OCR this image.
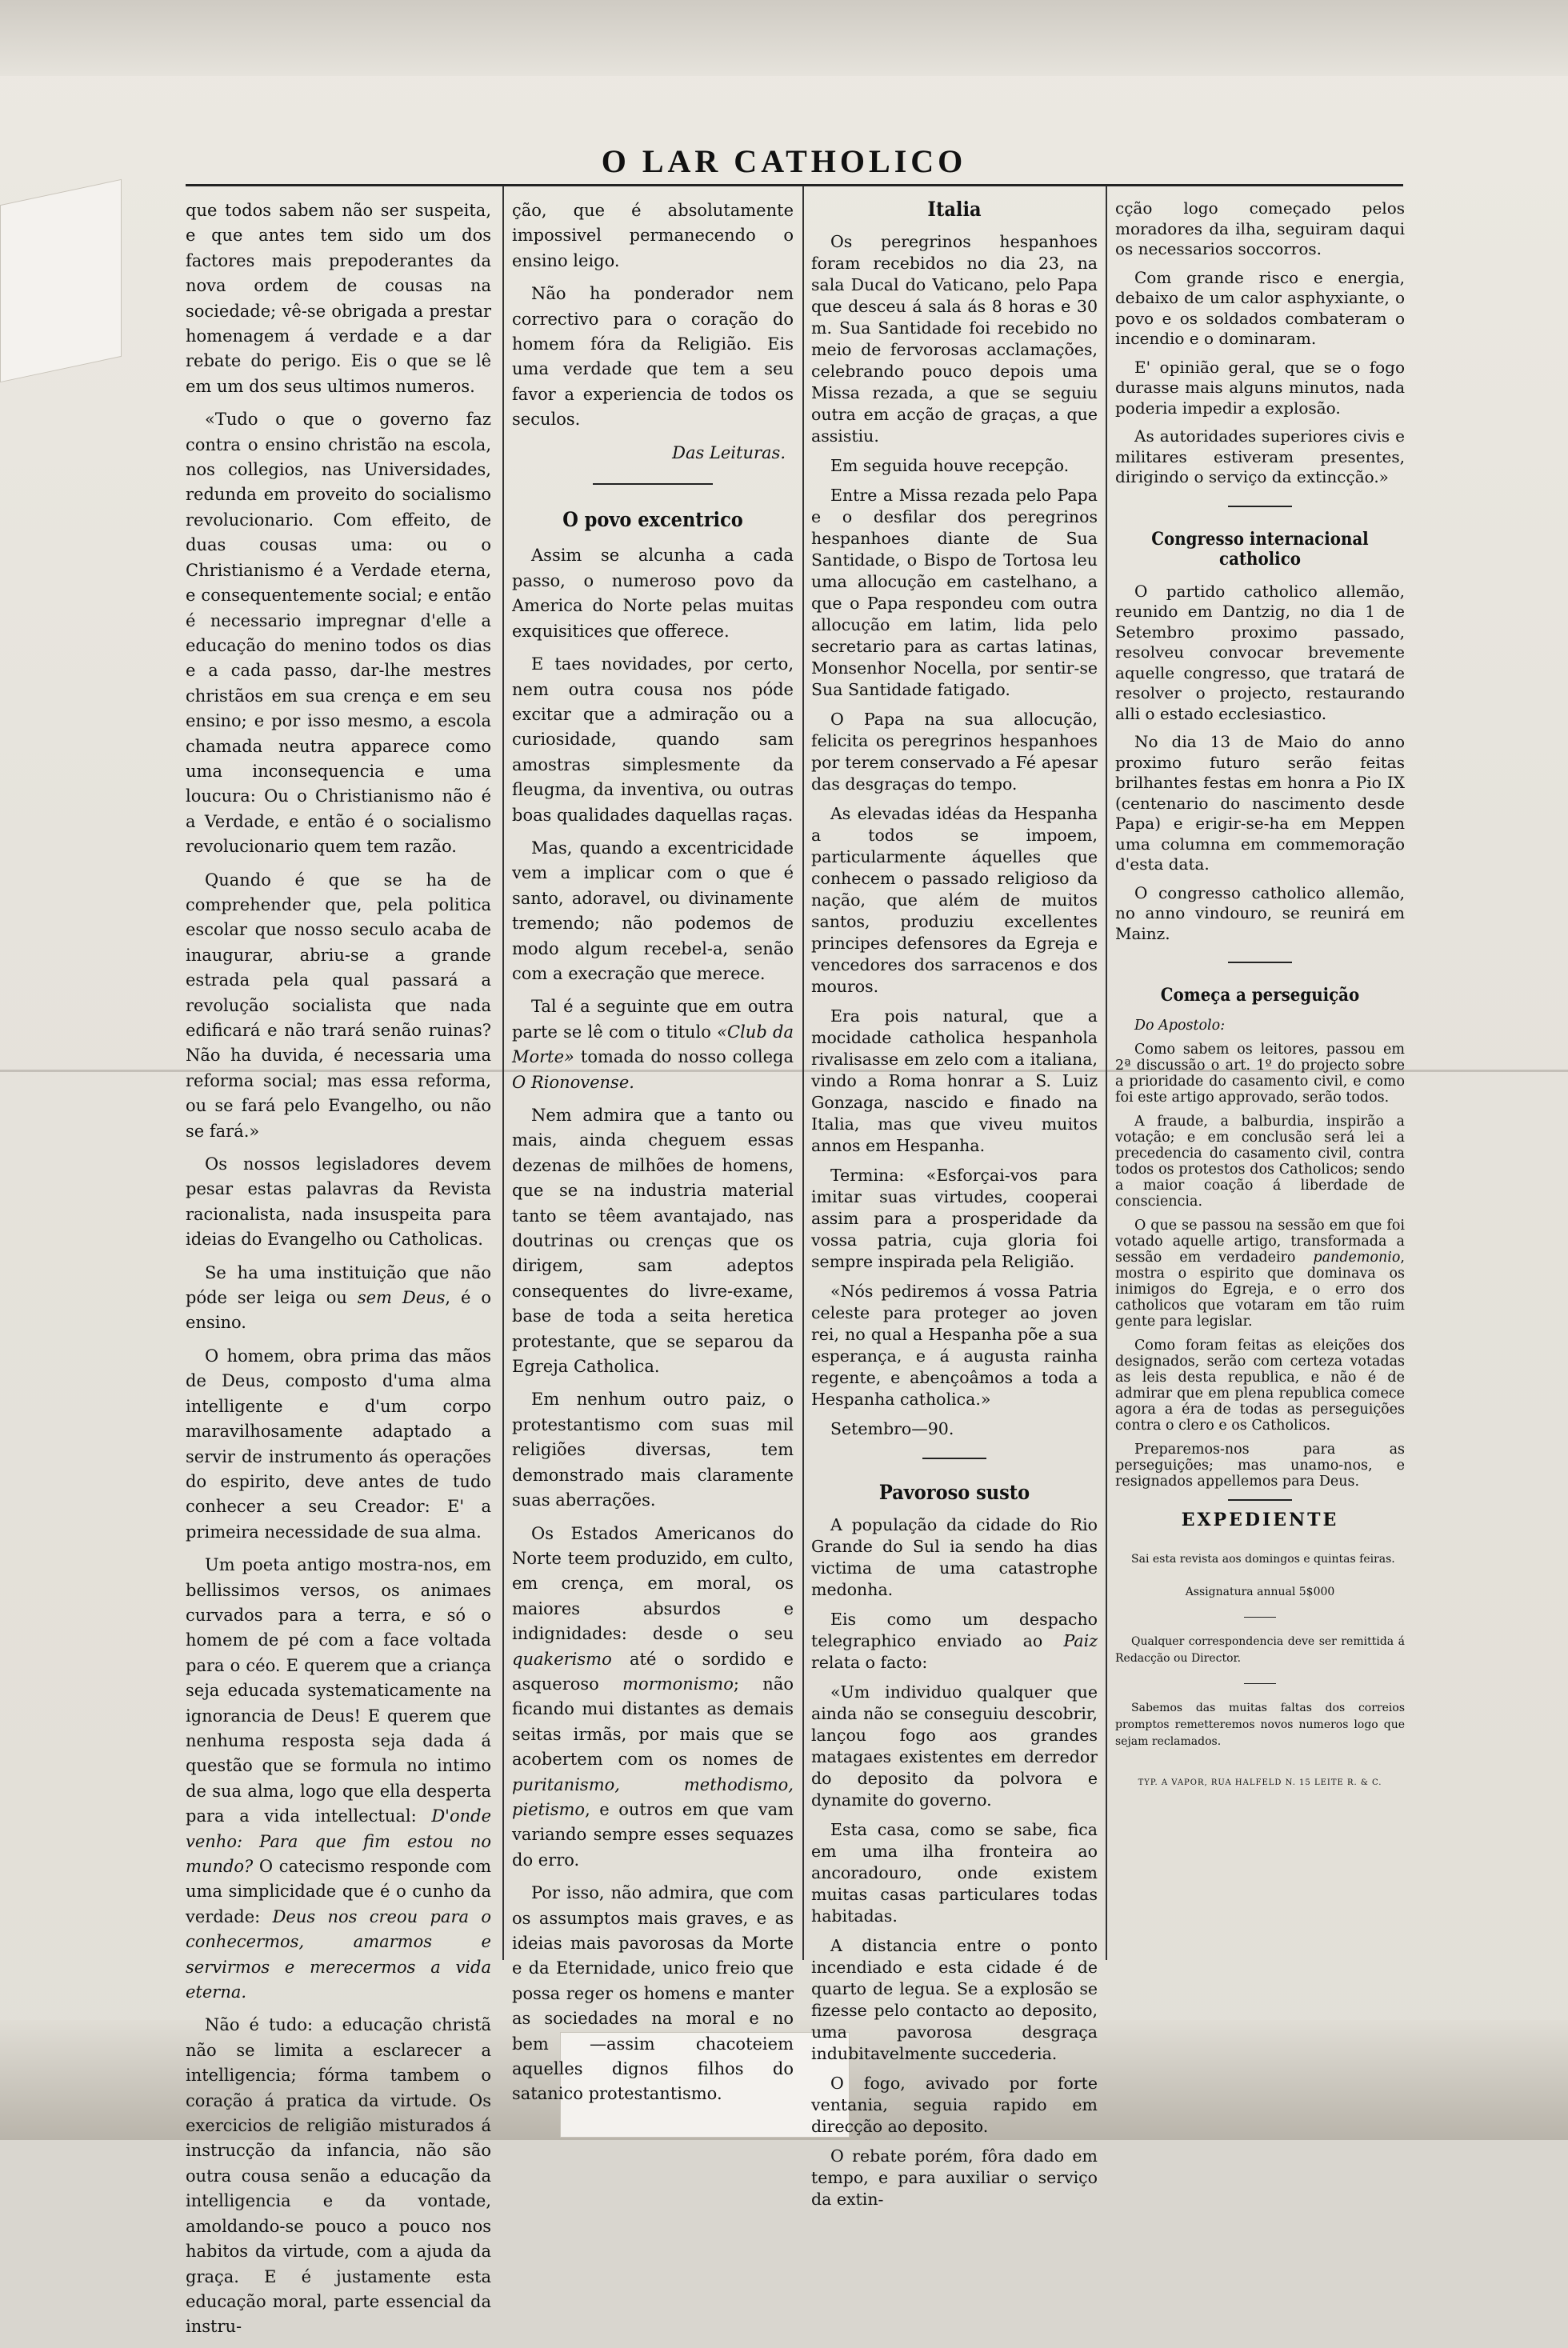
O LAR CATHOLICO

que todos sabem não ser suspeita, e que antes tem sido um dos factores mais prepoderantes da nova ordem de cousas na sociedade; vê-se obrigada a prestar homenagem á verdade e a dar rebate do perigo. Eis o que se lê em um dos seus ultimos numeros.

«Tudo o que o governo faz contra o ensino christão na escola, nos collegios, nas Universidades, redunda em proveito do socialismo revolucionario. Com effeito, de duas cousas uma: ou o Christianismo é a Verdade eterna, e consequentemente social; e então é necessario impregnar d'elle a educação do menino todos os dias e a cada passo, dar-lhe mestres christãos em sua crença e em seu ensino; e por isso mesmo, a escola chamada neutra apparece como uma inconsequencia e uma loucura: Ou o Christianismo não é a Verdade, e então é o socialismo revolucionario quem tem razão.

Quando é que se ha de comprehender que, pela politica escolar que nosso seculo acaba de inaugurar, abriu-se a grande estrada pela qual passará a revolução socialista que nada edificará e não trará senão ruinas? Não ha duvida, é necessaria uma reforma social; mas essa reforma, ou se fará pelo Evangelho, ou não se fará.»

Os nossos legisladores devem pesar estas palavras da Revista racionalista, nada insuspeita para ideias do Evangelho ou Catholicas.

Se ha uma instituição que não póde ser leiga ou sem Deus, é o ensino.

O homem, obra prima das mãos de Deus, composto d'uma alma intelligente e d'um corpo maravilhosamente adaptado a servir de instrumento ás operações do espirito, deve antes de tudo conhecer a seu Creador: E' a primeira necessidade de sua alma.

Um poeta antigo mostra-nos, em bellissimos versos, os animaes curvados para a terra, e só o homem de pé com a face voltada para o céo. E querem que a criança seja educada systematicamente na ignorancia de Deus! E querem que nenhuma resposta seja dada á questão que se formula no intimo de sua alma, logo que ella desperta para a vida intellectual: D'onde venho: Para que fim estou no mundo? O catecismo responde com uma simplicidade que é o cunho da verdade: Deus nos creou para o conhecermos, amarmos e servirmos e merecermos a vida eterna.

Não é tudo: a educação christã não se limita a esclarecer a intelligencia; fórma tambem o coração á pratica da virtude. Os exercicios de religião misturados á instrucção da infancia, não são outra cousa senão a educação da intelligencia e da vontade, amoldando-se pouco a pouco nos habitos da virtude, com a ajuda da graça. E é justamente esta educação moral, parte essencial da instru-

ção, que é absolutamente impossivel permanecendo o ensino leigo.

Não ha ponderador nem correctivo para o coração do homem fóra da Religião. Eis uma verdade que tem a seu favor a experiencia de todos os seculos.

Das Leituras.

O povo excentrico

Assim se alcunha a cada passo, o numeroso povo da America do Norte pelas muitas exquisitices que offerece.

E taes novidades, por certo, nem outra cousa nos póde excitar que a admiração ou a curiosidade, quando sam amostras simplesmente da fleugma, da inventiva, ou outras boas qualidades daquellas raças.

Mas, quando a excentricidade vem a implicar com o que é santo, adoravel, ou divinamente tremendo; não podemos de modo algum recebel-a, senão com a execração que merece.

Tal é a seguinte que em outra parte se lê com o titulo «Club da Morte» tomada do nosso collega O Rionovense.

Nem admira que a tanto ou mais, ainda cheguem essas dezenas de milhões de homens, que se na industria material tanto se têem avantajado, nas doutrinas ou crenças que os dirigem, sam adeptos consequentes do livre-exame, base de toda a seita heretica protestante, que se separou da Egreja Catholica.

Em nenhum outro paiz, o protestantismo com suas mil religiões diversas, tem demonstrado mais claramente suas aberrações.

Os Estados Americanos do Norte teem produzido, em culto, em crença, em moral, os maiores absurdos e indignidades: desde o seu quakerismo até o sordido e asqueroso mormonismo; não ficando mui distantes as demais seitas irmãs, por mais que se acobertem com os nomes de puritanismo, methodismo, pietismo, e outros em que vam variando sempre esses sequazes do erro.

Por isso, não admira, que com os assumptos mais graves, e as ideias mais pavorosas da Morte e da Eternidade, unico freio que possa reger os homens e manter as sociedades na moral e no bem —assim chacoteiem aquelles dignos filhos do satanico protestantismo.

Italia

Os peregrinos hespanhoes foram recebidos no dia 23, na sala Ducal do Vaticano, pelo Papa que desceu á sala ás 8 horas e 30 m. Sua Santidade foi recebido no meio de fervorosas acclamações, celebrando pouco depois uma Missa rezada, a que se seguiu outra em acção de graças, a que assistiu.

Em seguida houve recepção.

Entre a Missa rezada pelo Papa e o desfilar dos peregrinos hespanhoes diante de Sua Santidade, o Bispo de Tortosa leu uma allocução em castelhano, a que o Papa respondeu com outra allocução em latim, lida pelo secretario para as cartas latinas, Monsenhor Nocella, por sentir-se Sua Santidade fatigado.

O Papa na sua allocução, felicita os peregrinos hespanhoes por terem conservado a Fé apesar das desgraças do tempo.

As elevadas idéas da Hespanha a todos se impoem, particularmente áquelles que conhecem o passado religioso da nação, que além de muitos santos, produziu excellentes principes defensores da Egreja e vencedores dos sarracenos e dos mouros.

Era pois natural, que a mocidade catholica hespanhola rivalisasse em zelo com a italiana, vindo a Roma honrar a S. Luiz Gonzaga, nascido e finado na Italia, mas que viveu muitos annos em Hespanha.

Termina: «Esforçai-vos para imitar suas virtudes, cooperai assim para a prosperidade da vossa patria, cuja gloria foi sempre inspirada pela Religião.

«Nós pediremos á vossa Patria celeste para proteger ao joven rei, no qual a Hespanha põe a sua esperança, e á augusta rainha regente, e abençoâmos a toda a Hespanha catholica.»

Setembro—90.

Pavoroso susto

A população da cidade do Rio Grande do Sul ia sendo ha dias victima de uma catastrophe medonha.

Eis como um despacho telegraphico enviado ao Paiz relata o facto:

«Um individuo qualquer que ainda não se conseguiu descobrir, lançou fogo aos grandes matagaes existentes em derredor do deposito da polvora e dynamite do governo.

Esta casa, como se sabe, fica em uma ilha fronteira ao ancoradouro, onde existem muitas casas particulares todas habitadas.

A distancia entre o ponto incendiado e esta cidade é de quarto de legua. Se a explosão se fizesse pelo contacto ao deposito, uma pavorosa desgraça indubitavelmente succederia.

O fogo, avivado por forte ventania, seguia rapido em direcção ao deposito.

O rebate porém, fôra dado em tempo, e para auxiliar o serviço da extin-

cção logo começado pelos moradores da ilha, seguiram daqui os necessarios soccorros.

Com grande risco e energia, debaixo de um calor asphyxiante, o povo e os soldados combateram o incendio e o dominaram.

E' opinião geral, que se o fogo durasse mais alguns minutos, nada poderia impedir a explosão.

As autoridades superiores civis e militares estiveram presentes, dirigindo o serviço da extincção.»

Congresso internacional catholico

O partido catholico allemão, reunido em Dantzig, no dia 1 de Setembro proximo passado, resolveu convocar brevemente aquelle congresso, que tratará de resolver o projecto, restaurando alli o estado ecclesiastico.

No dia 13 de Maio do anno proximo futuro serão feitas brilhantes festas em honra a Pio IX (centenario do nascimento desde Papa) e erigir-se-ha em Meppen uma columna em commemoração d'esta data.

O congresso catholico allemão, no anno vindouro, se reunirá em Mainz.

Começa a perseguição

Do Apostolo:

Como sabem os leitores, passou em 2ª discussão o art. 1º do projecto sobre a prioridade do casamento civil, e como foi este artigo approvado, serão todos.

A fraude, a balburdia, inspirão a votação; e em conclusão será lei a precedencia do casamento civil, contra todos os protestos dos Catholicos; sendo a maior coação á liberdade de consciencia.

O que se passou na sessão em que foi votado aquelle artigo, transformada a sessão em verdadeiro pandemonio, mostra o espirito que dominava os inimigos do Egreja, e o erro dos catholicos que votaram em tão ruim gente para legislar.

Como foram feitas as eleições dos designados, serão com certeza votadas as leis desta republica, e não é de admirar que em plena republica comece agora a éra de todas as perseguições contra o clero e os Catholicos.

Preparemos-nos para as perseguições; mas unamo-nos, e resignados appellemos para Deus.

EXPEDIENTE

Sai esta revista aos domingos e quintas feiras.

Assignatura annual 5$000

Qualquer correspondencia deve ser remittida á Redacção ou Director.

Sabemos das muitas faltas dos correios promptos remetteremos novos numeros logo que sejam reclamados.

TYP. A VAPOR, RUA HALFELD N. 15 LEITE R. & C.
